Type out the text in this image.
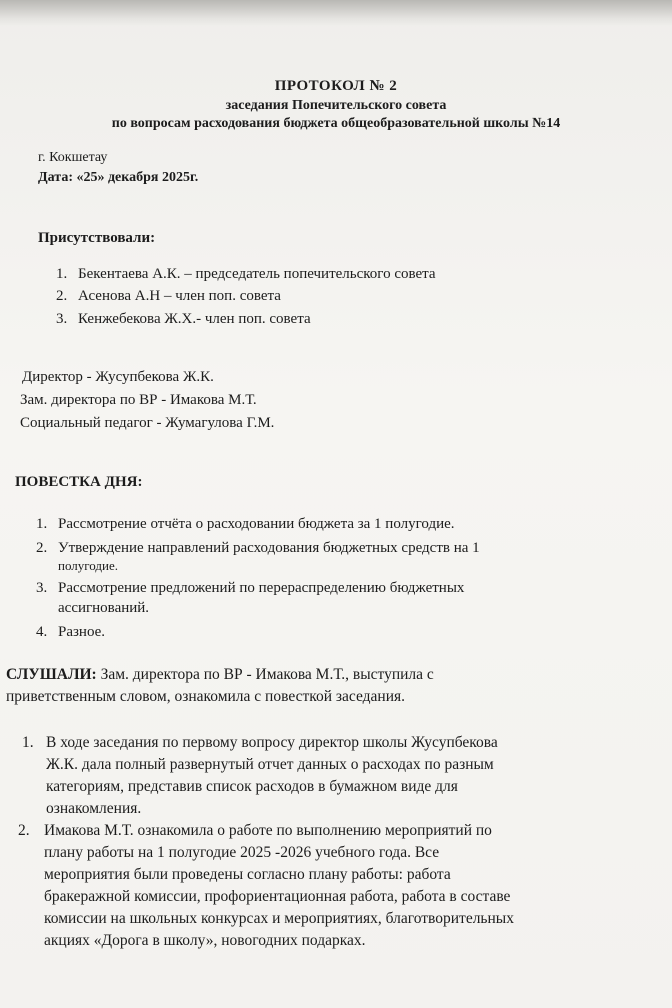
ПРОТОКОЛ № 2
заседания Попечительского совета
по вопросам расходования бюджета общеобразовательной школы №14
г. Кокшетау
Дата: «25» декабря 2025г.
Присутствовали:
1. Бекентаева А.К. – председатель попечительского совета
2. Асенова А.Н – член поп. совета
3. Кенжебекова Ж.Х.- член поп. совета
Директор - Жусупбекова Ж.К.
Зам. директора по ВР - Имакова М.Т.
Социальный педагог - Жумагулова Г.М.
ПОВЕСТКА ДНЯ:
1. Рассмотрение отчёта о расходовании бюджета за 1 полугодие.
2. Утверждение направлений расходования бюджетных средств на 1
полугодие.
3. Рассмотрение предложений по перераспределению бюджетных
ассигнований.
4. Разное.
СЛУШАЛИ: Зам. директора по ВР - Имакова М.Т., выступила с
приветственным словом, ознакомила с повесткой заседания.
1. В ходе заседания по первому вопросу директор школы Жусупбекова
Ж.К. дала полный развернутый отчет данных о расходах по разным
категориям, представив список расходов в бумажном виде для
ознакомления.
2. Имакова М.Т. ознакомила о работе по выполнению мероприятий по
плану работы на 1 полугодие 2025 -2026 учебного года. Все
мероприятия были проведены согласно плану работы: работа
бракеражной комиссии, профориентационная работа, работа в составе
комиссии на школьных конкурсах и мероприятиях, благотворительных
акциях «Дорога в школу», новогодних подарках.
